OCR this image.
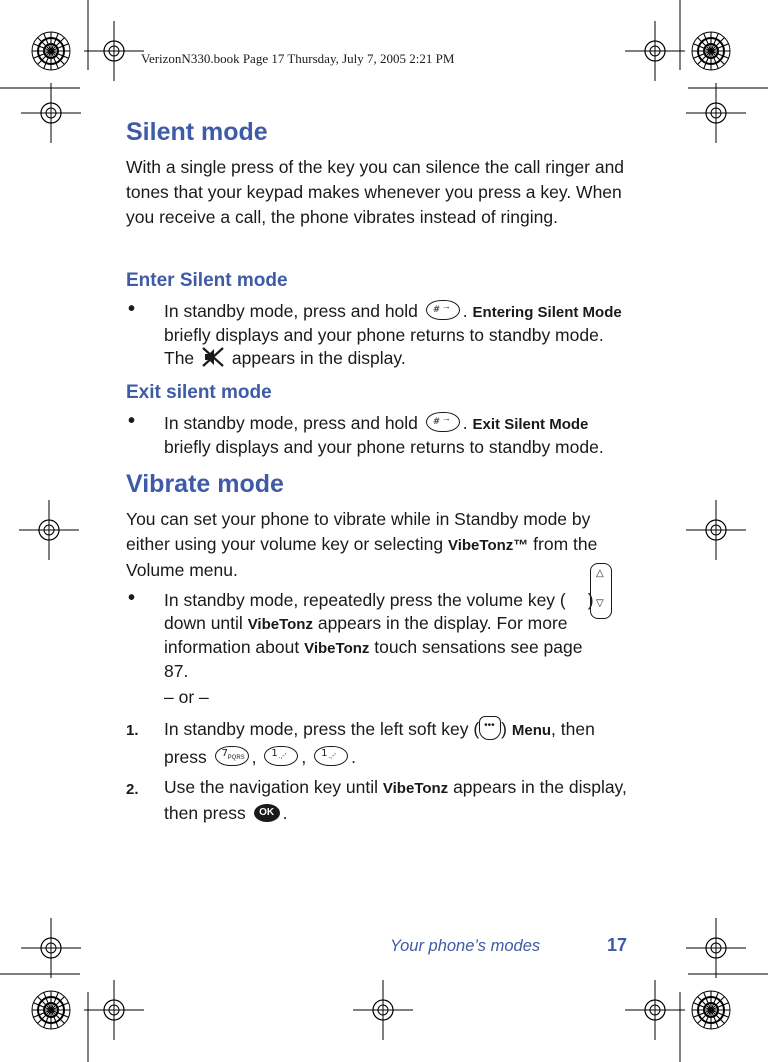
VerizonN330.book Page 17 Thursday, July 7, 2005 2:21 PM
Silent mode

With a single press of the key you can silence the call ringer and tones that your keypad makes whenever you press a key. When you receive a call, the phone vibrates instead of ringing.

Enter Silent mode
•	In standby mode, press and hold # → . Entering Silent Mode briefly displays and your phone returns to standby mode. The appears in the display.
Exit silent mode
•	In standby mode, press and hold # → . Exit Silent Mode briefly displays and your phone returns to standby mode.
Vibrate mode

You can set your phone to vibrate while in Standby mode by either using your volume key or selecting VibeTonz™ from the Volume menu.	△
▽
•	In standby mode, repeatedly press the volume key ( ) down until VibeTonz appears in the display. For more information about VibeTonz touch sensations see page 87.
– or –
1.	In standby mode, press the left soft key ( ••• ) Menu, then press 7 PQRS , 1 .,-' , 1 .,-' .
2.	Use the navigation key until VibeTonz appears in the display, then press OK .
Your phone’s modes	17
